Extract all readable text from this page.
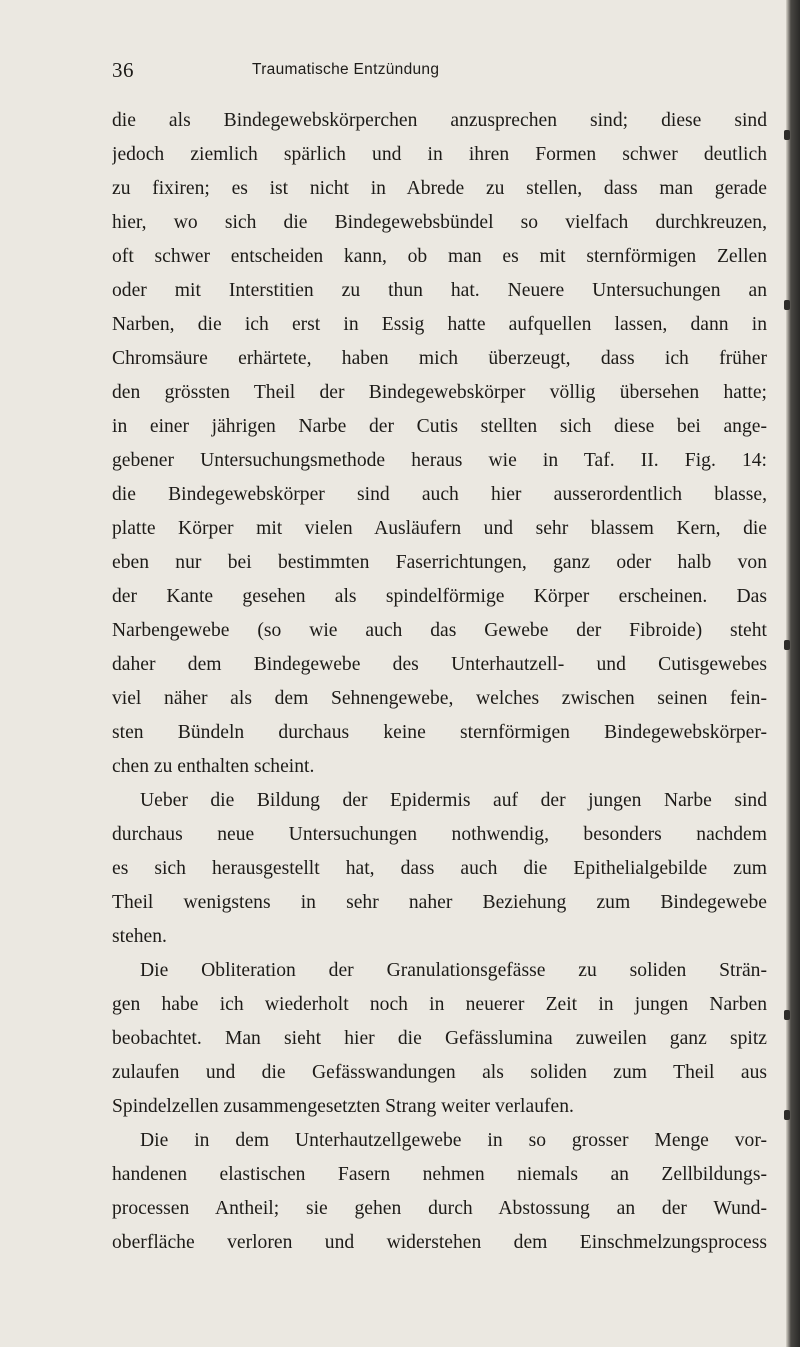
36	Traumatische Entzündung
die als Bindegewebskörperchen anzusprechen sind; diese sind
jedoch ziemlich spärlich und in ihren Formen schwer deutlich
zu fixiren; es ist nicht in Abrede zu stellen, dass man gerade
hier, wo sich die Bindegewebsbündel so vielfach durchkreuzen,
oft schwer entscheiden kann, ob man es mit sternförmigen Zellen
oder mit Interstitien zu thun hat. Neuere Untersuchungen an
Narben, die ich erst in Essig hatte aufquellen lassen, dann in
Chromsäure erhärtete, haben mich überzeugt, dass ich früher
den grössten Theil der Bindegewebskörper völlig übersehen hatte;
in einer jährigen Narbe der Cutis stellten sich diese bei ange-
gebener Untersuchungsmethode heraus wie in Taf. II. Fig. 14:
die Bindegewebskörper sind auch hier ausserordentlich blasse,
platte Körper mit vielen Ausläufern und sehr blassem Kern, die
eben nur bei bestimmten Faserrichtungen, ganz oder halb von
der Kante gesehen als spindelförmige Körper erscheinen. Das
Narbengewebe (so wie auch das Gewebe der Fibroide) steht
daher dem Bindegewebe des Unterhautzell- und Cutisgewebes
viel näher als dem Sehnengewebe, welches zwischen seinen fein-
sten Bündeln durchaus keine sternförmigen Bindegewebskörper-
chen zu enthalten scheint.
Ueber die Bildung der Epidermis auf der jungen Narbe sind
durchaus neue Untersuchungen nothwendig, besonders nachdem
es sich herausgestellt hat, dass auch die Epithelialgebilde zum
Theil wenigstens in sehr naher Beziehung zum Bindegewebe
stehen.
Die Obliteration der Granulationsgefässe zu soliden Strän-
gen habe ich wiederholt noch in neuerer Zeit in jungen Narben
beobachtet. Man sieht hier die Gefässlumina zuweilen ganz spitz
zulaufen und die Gefässwandungen als soliden zum Theil aus
Spindelzellen zusammengesetzten Strang weiter verlaufen.
Die in dem Unterhautzellgewebe in so grosser Menge vor-
handenen elastischen Fasern nehmen niemals an Zellbildungs-
processen Antheil; sie gehen durch Abstossung an der Wund-
oberfläche verloren und widerstehen dem Einschmelzungsprocess
